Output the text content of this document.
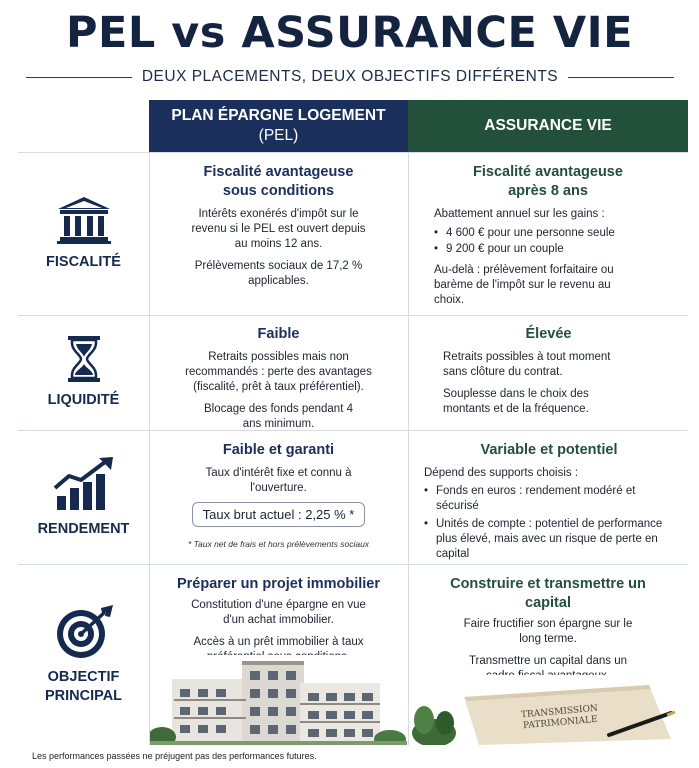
PEL vs ASSURANCE VIE
DEUX PLACEMENTS, DEUX OBJECTIFS DIFFÉRENTS
PLAN ÉPARGNE LOGEMENT
(PEL)
ASSURANCE VIE
FISCALITÉ
Fiscalité avantageuse sous conditions

Intérêts exonérés d'impôt sur le revenu si le PEL est ouvert depuis au moins 12 ans.

Prélèvements sociaux de 17,2 % applicables.

Fiscalité avantageuse après 8 ans

Abattement annuel sur les gains :

• 4 600 € pour une personne seule
• 9 200 € pour un couple

Au-delà : prélèvement forfaitaire ou barème de l'impôt sur le revenu au choix.

LIQUIDITÉ
Faible

Retraits possibles mais non recommandés : perte des avantages (fiscalité, prêt à taux préférentiel).

Blocage des fonds pendant 4 ans minimum.

Élevée

Retraits possibles à tout moment sans clôture du contrat.

Souplesse dans le choix des montants et de la fréquence.

RENDEMENT
Faible et garanti

Taux d'intérêt fixe et connu à l'ouverture.

Taux brut actuel : 2,25 % *
* Taux net de frais et hors prélèvements sociaux
Variable et potentiel

Dépend des supports choisis :

• Fonds en euros : rendement modéré et sécurisé
• Unités de compte : potentiel de performance plus élevé, mais avec un risque de perte en capital
OBJECTIF PRINCIPAL
Préparer un projet immobilier

Constitution d'une épargne en vue d'un achat immobilier.

Accès à un prêt immobilier à taux

Construire et transmettre un capital

Faire fructifier son épargne sur le long terme.

Transmettre un capital dans un

TRANSMISSION PATRIMONIALE
Les performances passées ne préjugent pas des performances futures.
